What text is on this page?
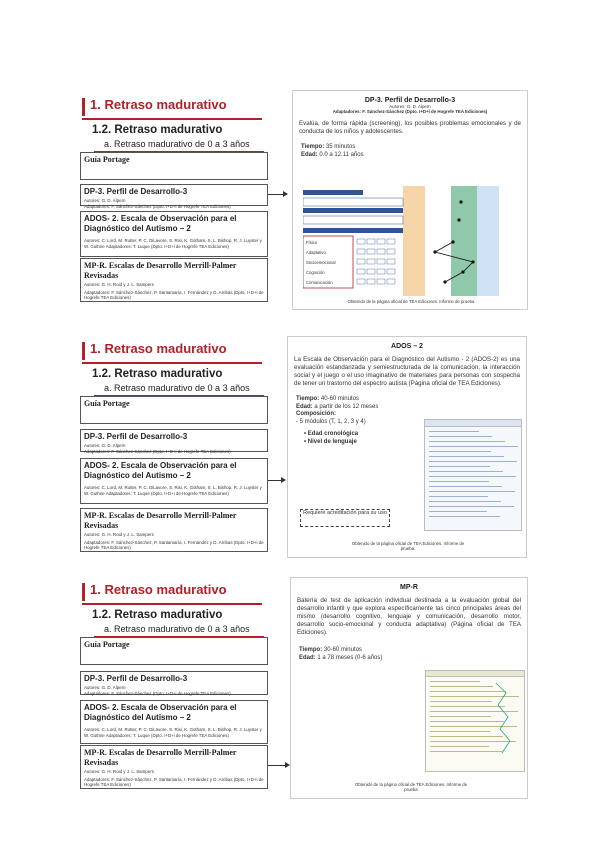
1. Retraso madurativo
1.2. Retraso madurativo
a. Retraso madurativo de 0 a 3 años
Guía Portage
DP-3. Perfil de Desarrollo-3
Autores: G. D. Alpern
Adaptadores: F. Sánchez-Sánchez (Dpto. I+D+i de Hogrefe TEA Ediciones)
ADOS- 2. Escala de Observación para el Diagnóstico del Autismo – 2
Autores: C. Lord, M. Rutter, P. C. DiLavore, S. Risi, K. Gotham, S. L. Bishop, R. J. Luyster y W. Guthrie Adaptadores: T. Luque (Dpto. I+D+i de Hogrefe TEA Ediciones)
MP-R. Escalas de Desarrollo Merrill-Palmer Revisadas
Autores: G. H. Roid y J. L. Sampers
Adaptadores: F. Sánchez-Sánchez, P. Santamaría, I. Fernández y D. Arribas (Dpto. I+D+i de Hogrefe TEA Ediciones)
DP-3. Perfil de Desarrollo-3
Autores: G. D. Alpern
Adaptadores: F. Sánchez-Sánchez (Dpto. I+D+i de Hogrefe TEA Ediciones)
Evalúa, de forma rápida (screening), los posibles problemas emocionales y de conducta de los niños y adolescentes.
Tiempo: 35 minutos
Edad: 0.0 a 12.11 años
Físico
Adaptativo
Socioemocional
Cognición
Comunicación
Obtenido de la página oficial de TEA Ediciones. Informe de prueba
1. Retraso madurativo
1.2. Retraso madurativo
a. Retraso madurativo de 0 a 3 años
Guía Portage
DP-3. Perfil de Desarrollo-3
Autores: G. D. Alpern
Adaptadores: F. Sánchez-Sánchez (Dpto. I+D+i de Hogrefe TEA Ediciones)
ADOS- 2. Escala de Observación para el Diagnóstico del Autismo – 2
Autores: C. Lord, M. Rutter, P. C. DiLavore, S. Risi, K. Gotham, S. L. Bishop, R. J. Luyster y W. Guthrie Adaptadores: T. Luque (Dpto. I+D+i de Hogrefe TEA Ediciones)
MP-R. Escalas de Desarrollo Merrill-Palmer Revisadas
Autores: G. H. Roid y J. L. Sampers
Adaptadores: F. Sánchez-Sánchez, P. Santamaría, I. Fernández y D. Arribas (Dpto. I+D+i de Hogrefe TEA Ediciones)
ADOS – 2
La Escala de Observación para el Diagnóstico del Autismo - 2 (ADOS-2) es una evaluación estandarizada y semiestructurada de la comunicación, la interacción social y el juego o el uso imaginativo de materiales para personas con sospecha de tener un trastorno del espectro autista (Página oficial de TEA Ediciones).
Tiempo: 40-60 minutos
Edad: a partir de los 12 meses
Composición:
- 5 módulos (T, 1, 2, 3 y 4)
• Edad cronológica
• Nivel de lenguaje
Requiere acreditación para su uso
Obtenido de la página oficial de TEA Ediciones. Informe de prueba.
1. Retraso madurativo
1.2. Retraso madurativo
a. Retraso madurativo de 0 a 3 años
Guía Portage
DP-3. Perfil de Desarrollo-3
Autores: G. D. Alpern
Adaptadores: F. Sánchez-Sánchez (Dpto. I+D+i de Hogrefe TEA Ediciones)
ADOS- 2. Escala de Observación para el Diagnóstico del Autismo – 2
Autores: C. Lord, M. Rutter, P. C. DiLavore, S. Risi, K. Gotham, S. L. Bishop, R. J. Luyster y W. Guthrie Adaptadores: T. Luque (Dpto. I+D+i de Hogrefe TEA Ediciones)
MP-R. Escalas de Desarrollo Merrill-Palmer Revisadas
Autores: G. H. Roid y J. L. Sampers
Adaptadores: F. Sánchez-Sánchez, P. Santamaría, I. Fernández y D. Arribas (Dpto. I+D+i de Hogrefe TEA Ediciones)
MP-R
Batería de test de aplicación individual destinada a la evaluación global del desarrollo infantil y que explora específicamente las cinco principales áreas del mismo (desarrollo cognitivo, lenguaje y comunicación, desarrollo motor, desarrollo socio-emocional y conducta adaptativa) (Página oficial de TEA Ediciones).
Tiempo: 30-60 minutos
Edad: 1 a 78 meses (0-6 años)
Obtenido de la página oficial de TEA Ediciones. Informe de prueba
